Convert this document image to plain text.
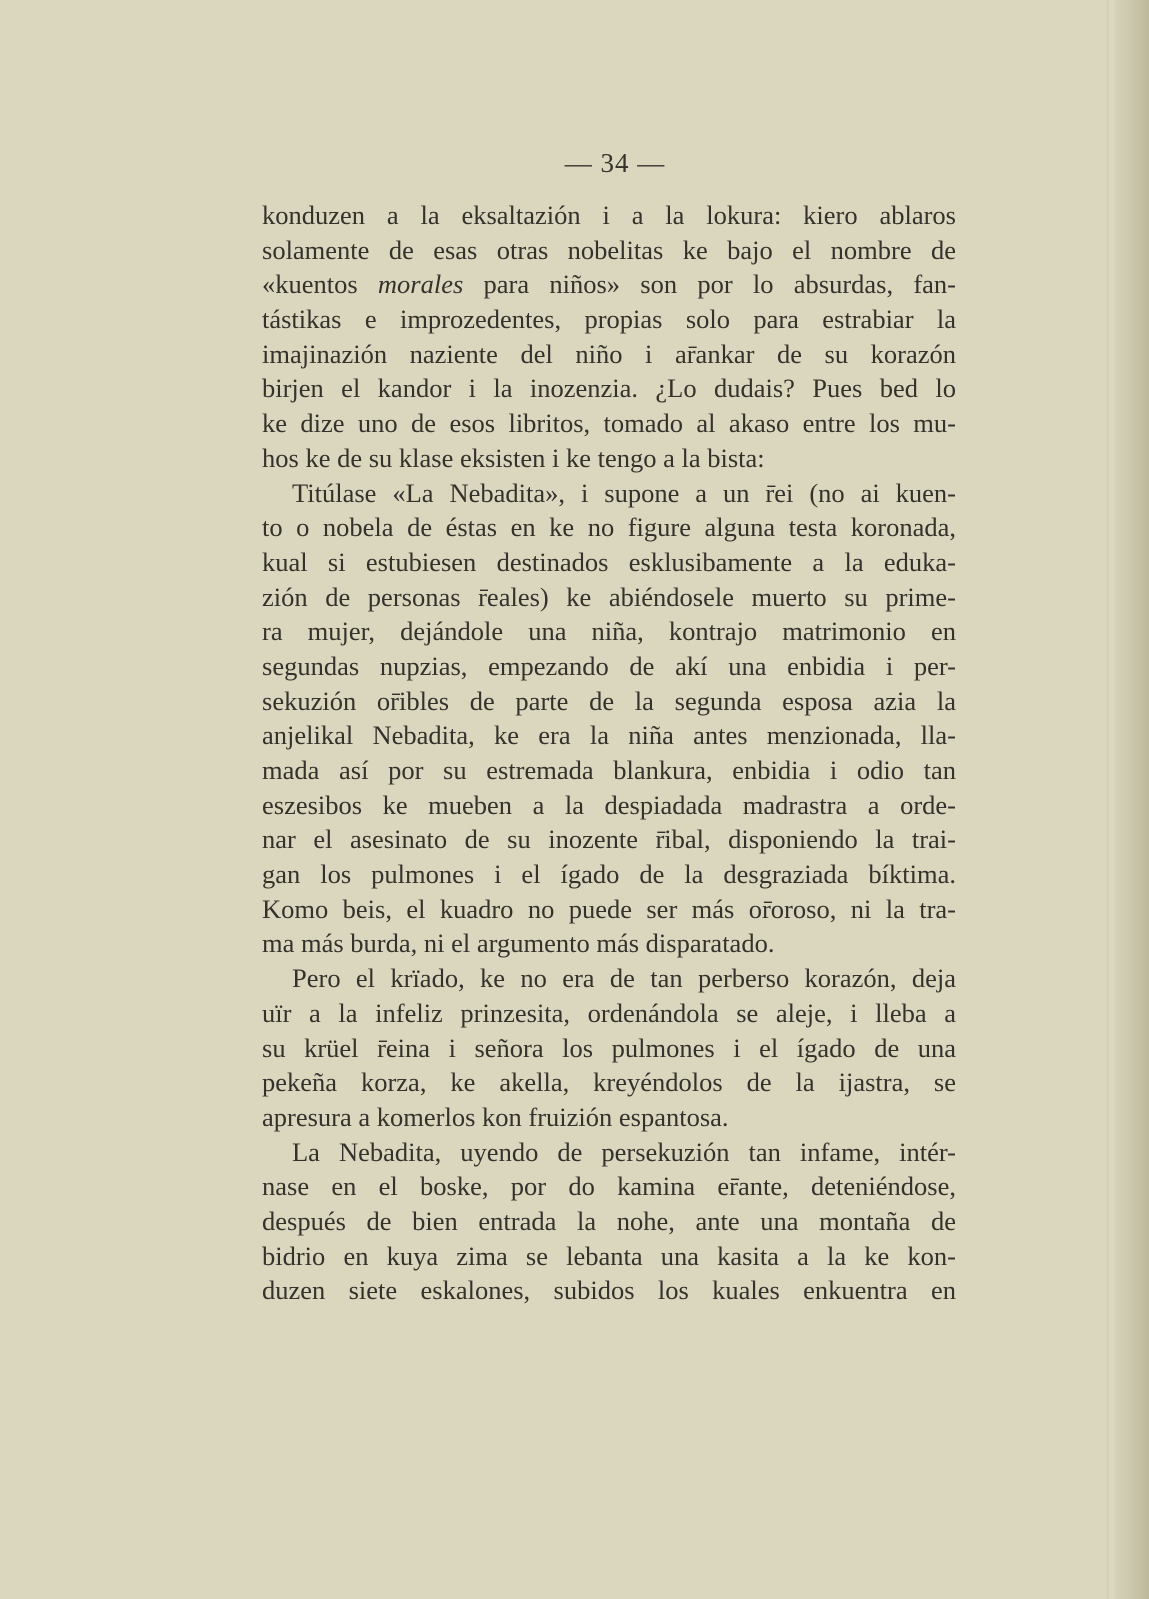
— 34 —
konduzen a la eksaltazión i a la lokura: kiero ablaros
solamente de esas otras nobelitas ke bajo el nombre de
«kuentos morales para niños» son por lo absurdas, fan-
tástikas e improzedentes, propias solo para estrabiar la
imajinazión naziente del niño i ar̄ankar de su korazón
birjen el kandor i la inozenzia. ¿Lo dudais? Pues bed lo
ke dize uno de esos libritos, tomado al akaso entre los mu-
hos ke de su klase eksisten i ke tengo a la bista:
Titúlase «La Nebadita», i supone a un r̄ei (no ai kuen-
to o nobela de éstas en ke no figure alguna testa koronada,
kual si estubiesen destinados esklusibamente a la eduka-
zión de personas r̄eales) ke abiéndosele muerto su prime-
ra mujer, dejándole una niña, kontrajo matrimonio en
segundas nupzias, empezando de akí una enbidia i per-
sekuzión or̄ibles de parte de la segunda esposa azia la
anjelikal Nebadita, ke era la niña antes menzionada, lla-
mada así por su estremada blankura, enbidia i odio tan
eszesibos ke mueben a la despiadada madrastra a orde-
nar el asesinato de su inozente r̄ibal, disponiendo la trai-
gan los pulmones i el ígado de la desgraziada bíktima.
Komo beis, el kuadro no puede ser más or̄oroso, ni la tra-
ma más burda, ni el argumento más disparatado.
Pero el krïado, ke no era de tan perberso korazón, deja
uïr a la infeliz prinzesita, ordenándola se aleje, i lleba a
su krüel r̄eina i señora los pulmones i el ígado de una
pekeña korza, ke akella, kreyéndolos de la ijastra, se
apresura a komerlos kon fruizión espantosa.
La Nebadita, uyendo de persekuzión tan infame, intér-
nase en el boske, por do kamina er̄ante, deteniéndose,
después de bien entrada la nohe, ante una montaña de
bidrio en kuya zima se lebanta una kasita a la ke kon-
duzen siete eskalones, subidos los kuales enkuentra en
